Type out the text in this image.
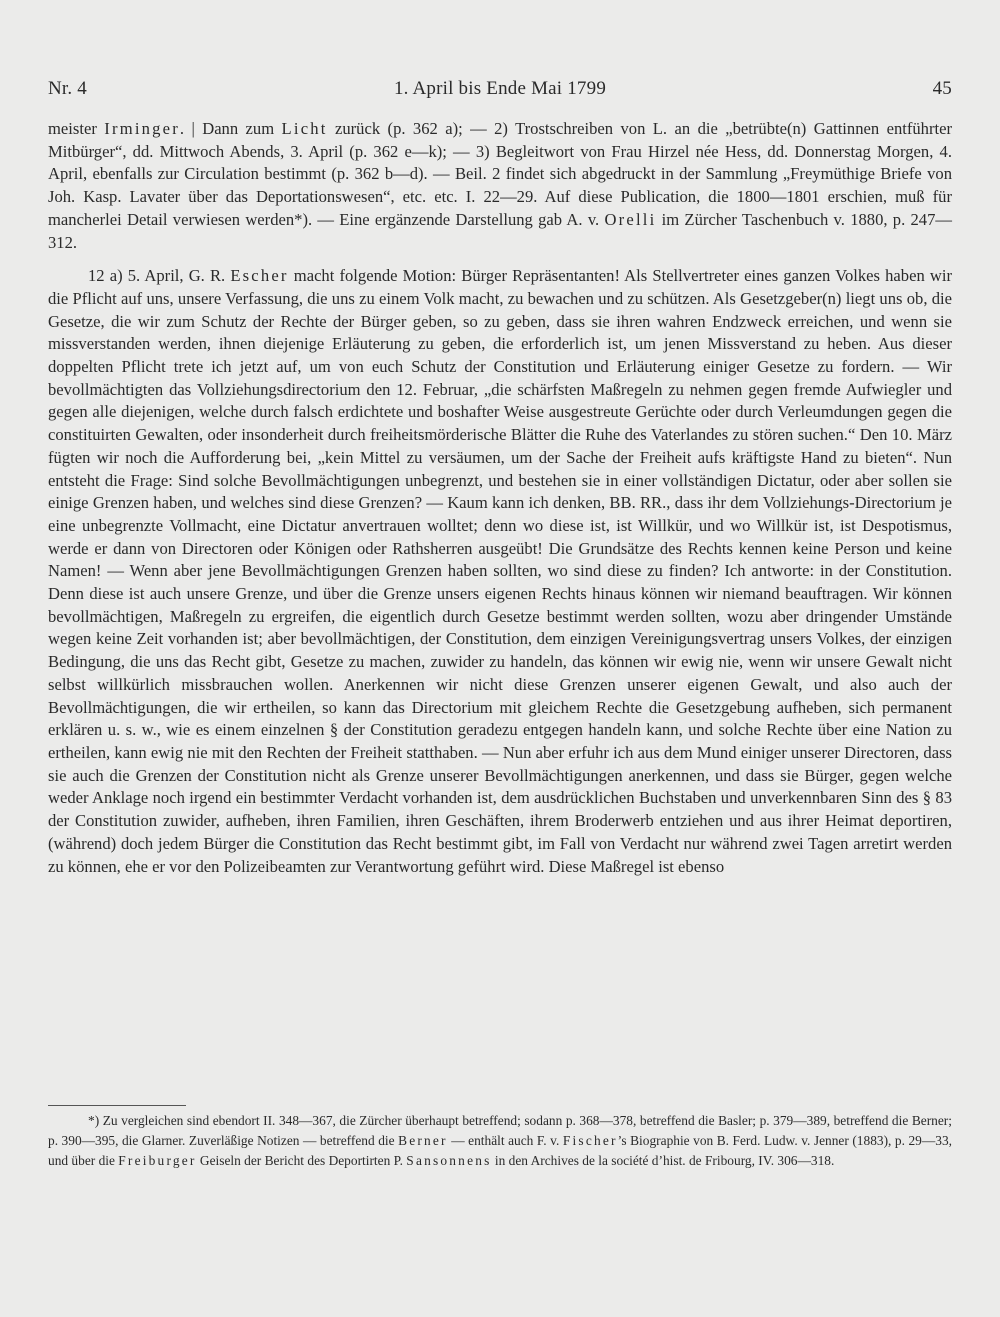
Nr. 4	1. April bis Ende Mai 1799	45

meister Irminger. | Dann zum Licht zurück (p. 362 a); — 2) Trostschreiben von L. an die „betrübte(n) Gattinnen entführter Mitbürger“, dd. Mittwoch Abends, 3. April (p. 362 e—k); — 3) Begleitwort von Frau Hirzel née Hess, dd. Donnerstag Morgen, 4. April, ebenfalls zur Circulation bestimmt (p. 362 b—d). — Beil. 2 findet sich abgedruckt in der Sammlung „Freymüthige Briefe von Joh. Kasp. Lavater über das Deportationswesen“, etc. etc. I. 22—29. Auf diese Publication, die 1800—1801 erschien, muß für mancherlei Detail verwiesen werden*). — Eine ergänzende Darstellung gab A. v. Orelli im Zürcher Taschenbuch v. 1880, p. 247—312.

12 a) 5. April, G. R. Escher macht folgende Motion: Bürger Repräsentanten! Als Stellvertreter eines ganzen Volkes haben wir die Pflicht auf uns, unsere Verfassung, die uns zu einem Volk macht, zu bewachen und zu schützen. Als Gesetzgeber(n) liegt uns ob, die Gesetze, die wir zum Schutz der Rechte der Bürger geben, so zu geben, dass sie ihren wahren Endzweck erreichen, und wenn sie missverstanden werden, ihnen diejenige Erläuterung zu geben, die erforderlich ist, um jenen Missverstand zu heben. Aus dieser doppelten Pflicht trete ich jetzt auf, um von euch Schutz der Constitution und Erläuterung einiger Gesetze zu fordern. — Wir bevollmächtigten das Vollziehungsdirectorium den 12. Februar, „die schärfsten Maßregeln zu nehmen gegen fremde Aufwiegler und gegen alle diejenigen, welche durch falsch erdichtete und boshafter Weise ausgestreute Gerüchte oder durch Verleumdungen gegen die constituirten Gewalten, oder insonderheit durch freiheitsmörderische Blätter die Ruhe des Vaterlandes zu stören suchen.“ Den 10. März fügten wir noch die Aufforderung bei, „kein Mittel zu versäumen, um der Sache der Freiheit aufs kräftigste Hand zu bieten“. Nun entsteht die Frage: Sind solche Bevollmächtigungen unbegrenzt, und bestehen sie in einer vollständigen Dictatur, oder aber sollen sie einige Grenzen haben, und welches sind diese Grenzen? — Kaum kann ich denken, BB. RR., dass ihr dem Vollziehungs-Directorium je eine unbegrenzte Vollmacht, eine Dictatur anvertrauen wolltet; denn wo diese ist, ist Willkür, und wo Willkür ist, ist Despotismus, werde er dann von Directoren oder Königen oder Rathsherren ausgeübt! Die Grundsätze des Rechts kennen keine Person und keine Namen! — Wenn aber jene Bevollmächtigungen Grenzen haben sollten, wo sind diese zu finden? Ich antworte: in der Constitution. Denn diese ist auch unsere Grenze, und über die Grenze unsers eigenen Rechts hinaus können wir niemand beauftragen. Wir können bevollmächtigen, Maßregeln zu ergreifen, die eigentlich durch Gesetze bestimmt werden sollten, wozu aber dringender Umstände wegen keine Zeit vorhanden ist; aber bevollmächtigen, der Constitution, dem einzigen Vereinigungsvertrag unsers Volkes, der einzigen Bedingung, die uns das Recht gibt, Gesetze zu machen, zuwider zu handeln, das können wir ewig nie, wenn wir unsere Gewalt nicht selbst willkürlich missbrauchen wollen. Anerkennen wir nicht diese Grenzen unserer eigenen Gewalt, und also auch der Bevollmächtigungen, die wir ertheilen, so kann das Directorium mit gleichem Rechte die Gesetzgebung aufheben, sich permanent erklären u. s. w., wie es einem einzelnen § der Constitution geradezu entgegen handeln kann, und solche Rechte über eine Nation zu ertheilen, kann ewig nie mit den Rechten der Freiheit statthaben. — Nun aber erfuhr ich aus dem Mund einiger unserer Directoren, dass sie auch die Grenzen der Constitution nicht als Grenze unserer Bevollmächtigungen anerkennen, und dass sie Bürger, gegen welche weder Anklage noch irgend ein bestimmter Verdacht vorhanden ist, dem ausdrücklichen Buchstaben und unverkennbaren Sinn des § 83 der Constitution zuwider, aufheben, ihren Familien, ihren Geschäften, ihrem Broderwerb entziehen und aus ihrer Heimat deportiren, (während) doch jedem Bürger die Constitution das Recht bestimmt gibt, im Fall von Verdacht nur während zwei Tagen arretirt werden zu können, ehe er vor den Polizeibeamten zur Verantwortung geführt wird. Diese Maßregel ist ebenso

*) Zu vergleichen sind ebendort II. 348—367, die Zürcher überhaupt betreffend; sodann p. 368—378, betreffend die Basler; p. 379—389, betreffend die Berner; p. 390—395, die Glarner. Zuverläßige Notizen — betreffend die Berner — enthält auch F. v. Fischer’s Biographie von B. Ferd. Ludw. v. Jenner (1883), p. 29—33, und über die Freiburger Geiseln der Bericht des Deportirten P. Sansonnens in den Archives de la société d’hist. de Fribourg, IV. 306—318.
